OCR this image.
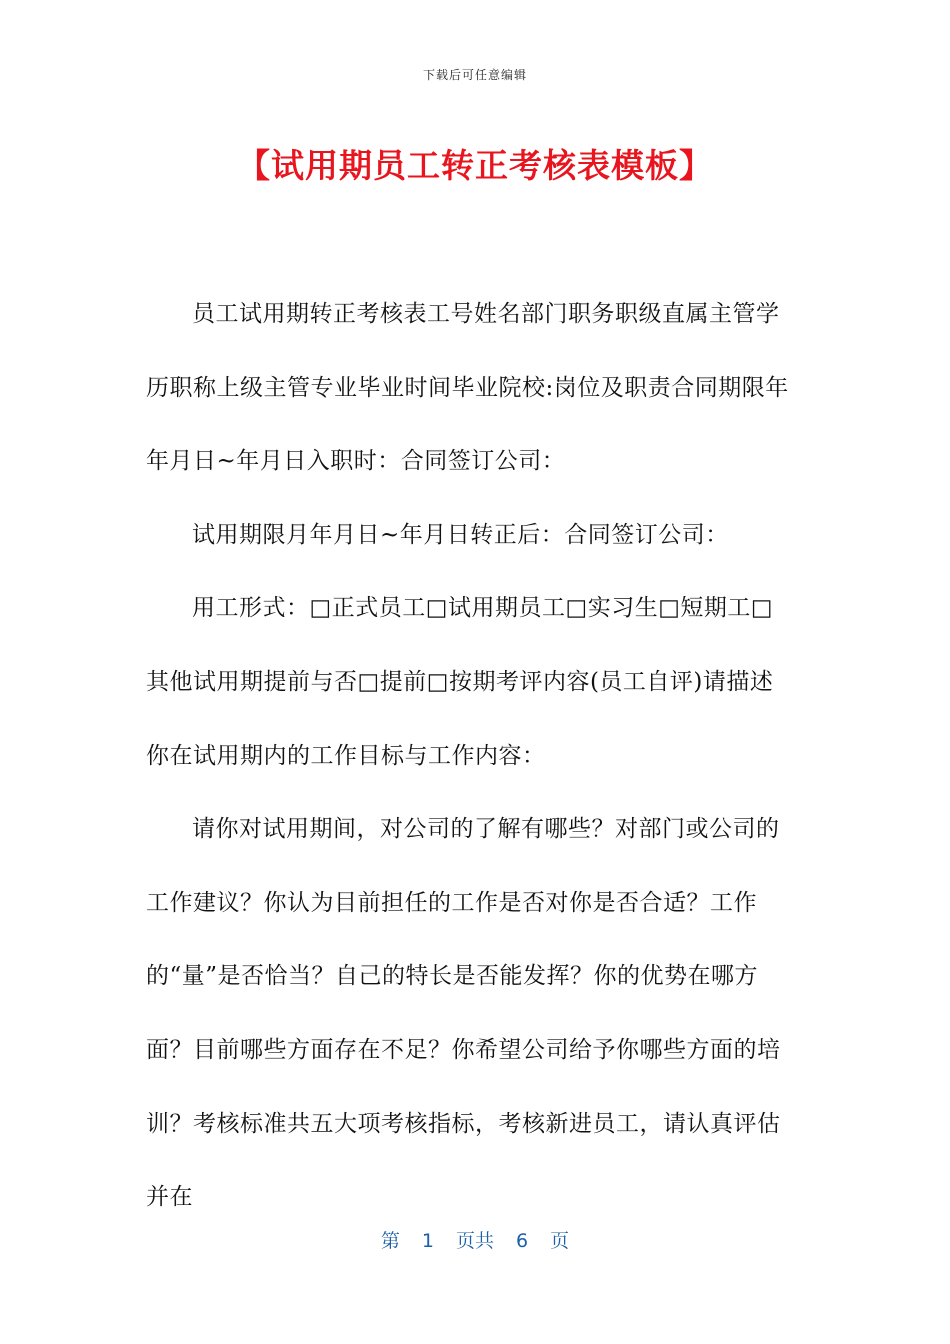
下载后可任意编辑
【试用期员工转正考核表模板】

员工试用期转正考核表工号姓名部门职务职级直属主管学历职称上级主管专业毕业时间毕业院校:岗位及职责合同期限年年月日~年月日入职时：合同签订公司：

试用期限月年月日~年月日转正后：合同签订公司：

用工形式：□正式员工□试用期员工□实习生□短期工□其他试用期提前与否□提前□按期考评内容(员工自评)请描述你在试用期内的工作目标与工作内容：

请你对试用期间，对公司的了解有哪些？对部门或公司的工作建议？你认为目前担任的工作是否对你是否合适？工作的“量”是否恰当？自己的特长是否能发挥？你的优势在哪方面？目前哪些方面存在不足？你希望公司给予你哪些方面的培训？考核标准共五大项考核指标，考核新进员工，请认真评估并在

第 1 页共 6 页
